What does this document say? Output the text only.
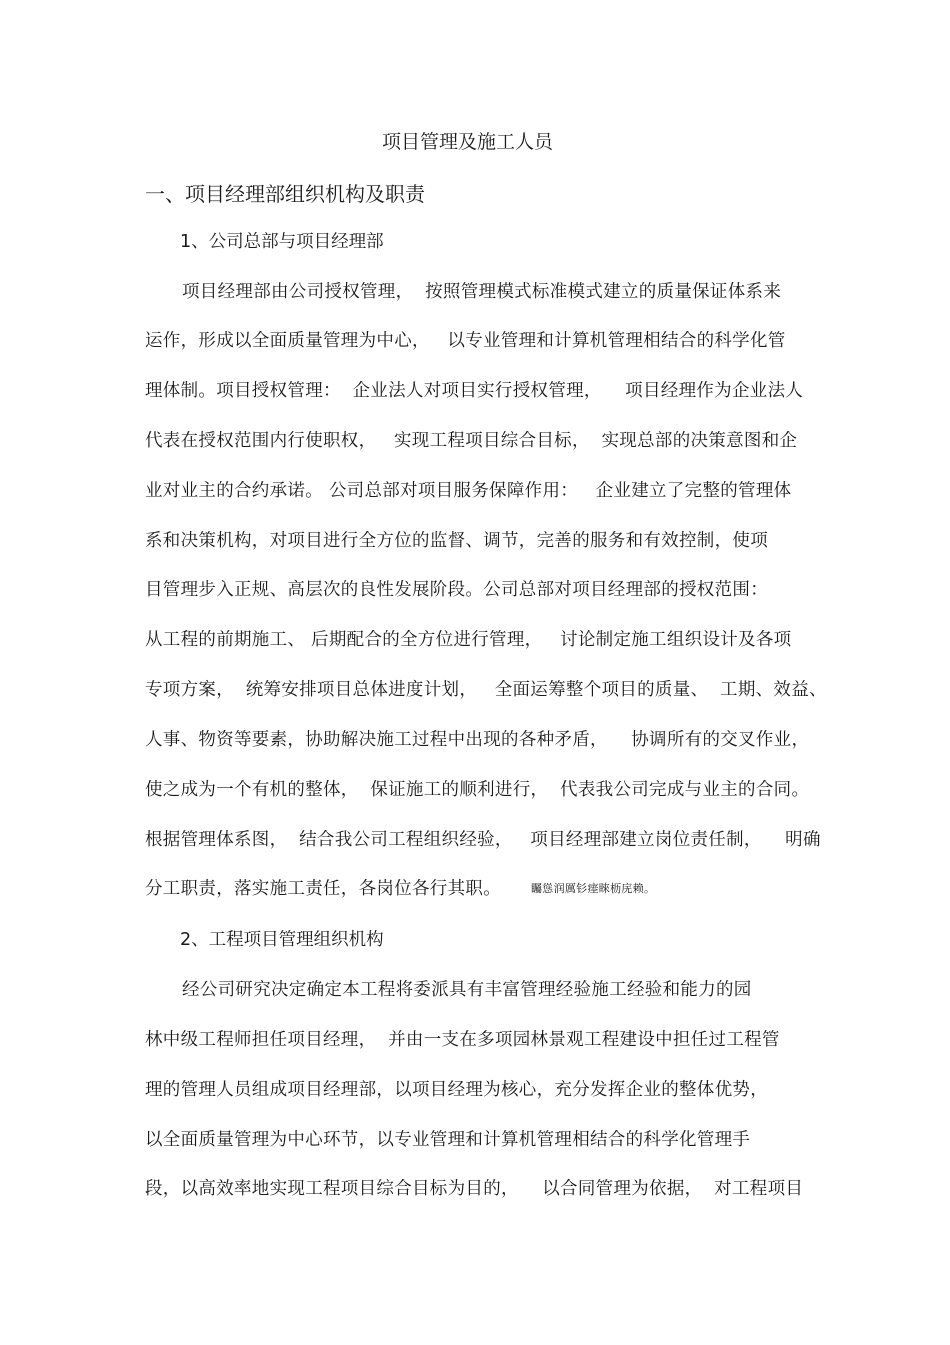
项目管理及施工人员
一、项目经理部组织机构及职责
1、公司总部与项目经理部
项目经理部由公司授权管理，  按照管理模式标准模式建立的质量保证体系来
运作，形成以全面质量管理为中心，   以专业管理和计算机管理相结合的科学化管
理体制。项目授权管理：  企业法人对项目实行授权管理，    项目经理作为企业法人
代表在授权范围内行使职权，   实现工程项目综合目标，  实现总部的决策意图和企
业对业主的合约承诺。 公司总部对项目服务保障作用：   企业建立了完整的管理体
系和决策机构，对项目进行全方位的监督、调节，完善的服务和有效控制，使项
目管理步入正规、高层次的良性发展阶段。公司总部对项目经理部的授权范围：
从工程的前期施工、 后期配合的全方位进行管理，   讨论制定施工组织设计及各项
专项方案，  统筹安排项目总体进度计划，   全面运筹整个项目的质量、  工期、效益、
人事、物资等要素，协助解决施工过程中出现的各种矛盾，    协调所有的交叉作业，
使之成为一个有机的整体，  保证施工的顺利进行，  代表我公司完成与业主的合同。
根据管理体系图，  结合我公司工程组织经验，   项目经理部建立岗位责任制，    明确
分工职责，落实施工责任，各岗位各行其职。	矚慫润厲钐瘗睞枥庑赖。
2、工程项目管理组织机构
经公司研究决定确定本工程将委派具有丰富管理经验施工经验和能力的园
林中级工程师担任项目经理，  并由一支在多项园林景观工程建设中担任过工程管
理的管理人员组成项目经理部，以项目经理为核心，充分发挥企业的整体优势，
以全面质量管理为中心环节，以专业管理和计算机管理相结合的科学化管理手
段，以高效率地实现工程项目综合目标为目的，    以合同管理为依据，  对工程项目
